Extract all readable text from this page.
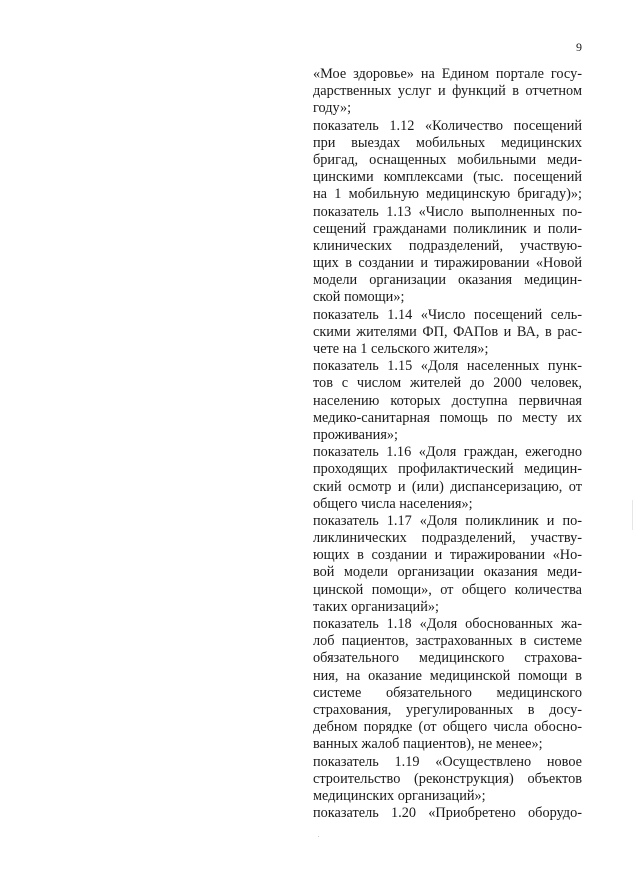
9
«Мое здоровье» на Едином портале госу-
дарственных услуг и функций в отчетном
году»;
показатель 1.12 «Количество посещений
при выездах мобильных медицинских
бригад, оснащенных мобильными меди-
цинскими комплексами (тыс. посещений
на 1 мобильную медицинскую бригаду)»;
показатель 1.13 «Число выполненных по-
сещений гражданами поликлиник и поли-
клинических подразделений, участвую-
щих в создании и тиражировании «Новой
модели организации оказания медицин-
ской помощи»;
показатель 1.14 «Число посещений сель-
скими жителями ФП, ФАПов и ВА, в рас-
чете на 1 сельского жителя»;
показатель 1.15 «Доля населенных пунк-
тов с числом жителей до 2000 человек,
населению которых доступна первичная
медико-санитарная помощь по месту их
проживания»;
показатель 1.16 «Доля граждан, ежегодно
проходящих профилактический медицин-
ский осмотр и (или) диспансеризацию, от
общего числа населения»;
показатель 1.17 «Доля поликлиник и по-
ликлинических подразделений, участву-
ющих в создании и тиражировании «Но-
вой модели организации оказания меди-
цинской помощи», от общего количества
таких организаций»;
показатель 1.18 «Доля обоснованных жа-
лоб пациентов, застрахованных в системе
обязательного медицинского страхова-
ния, на оказание медицинской помощи в
системе обязательного медицинского
страхования, урегулированных в досу-
дебном порядке (от общего числа обосно-
ванных жалоб пациентов), не менее»;
показатель 1.19 «Осуществлено новое
строительство (реконструкция) объектов
медицинских организаций»;
показатель 1.20 «Приобретено оборудо-
